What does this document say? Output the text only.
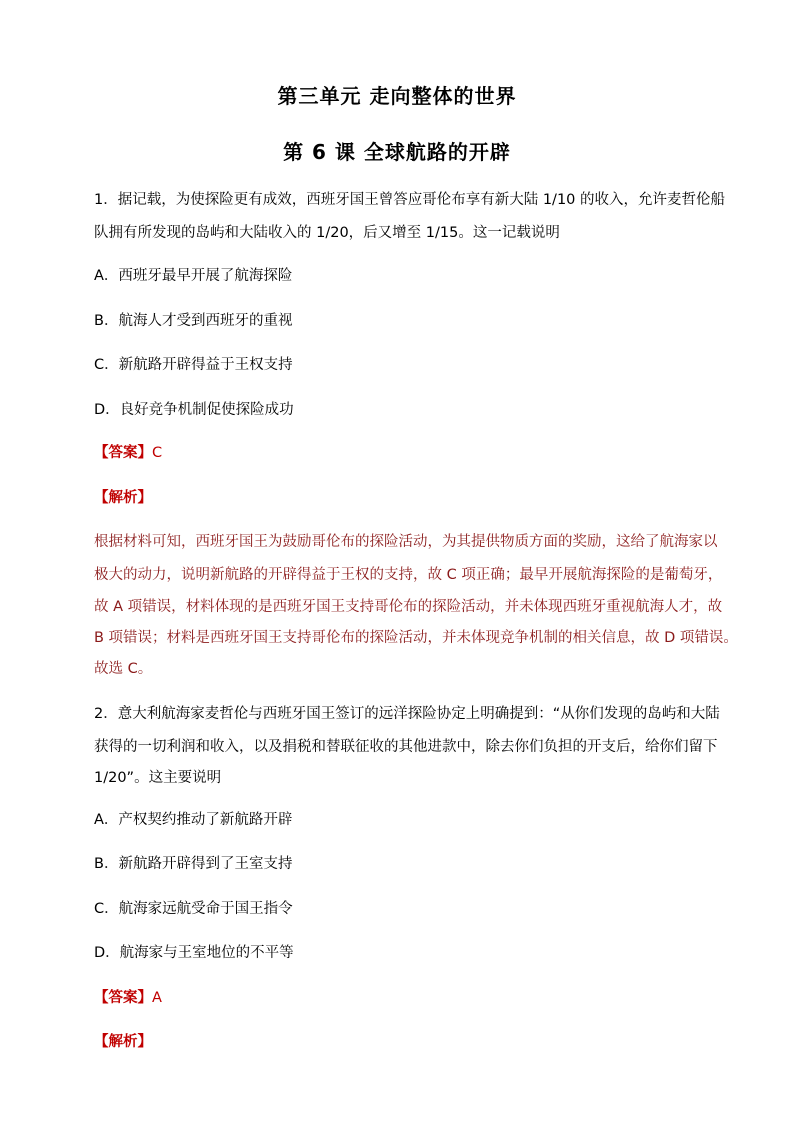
第三单元 走向整体的世界
第 6 课 全球航路的开辟
1．据记载，为使探险更有成效，西班牙国王曾答应哥伦布享有新大陆 1/10 的收入，允许麦哲伦船
队拥有所发现的岛屿和大陆收入的 1/20，后又增至 1/15。这一记载说明
A．西班牙最早开展了航海探险
B．航海人才受到西班牙的重视
C．新航路开辟得益于王权支持
D．良好竞争机制促使探险成功
【答案】C
【解析】
根据材料可知，西班牙国王为鼓励哥伦布的探险活动，为其提供物质方面的奖励，这给了航海家以
极大的动力，说明新航路的开辟得益于王权的支持，故 C 项正确；最早开展航海探险的是葡萄牙，
故 A 项错误，材料体现的是西班牙国王支持哥伦布的探险活动，并未体现西班牙重视航海人才，故
B 项错误；材料是西班牙国王支持哥伦布的探险活动，并未体现竞争机制的相关信息，故 D 项错误。
故选 C。
2．意大利航海家麦哲伦与西班牙国王签订的远洋探险协定上明确提到：“从你们发现的岛屿和大陆
获得的一切利润和收入，以及捐税和替联征收的其他进款中，除去你们负担的开支后，给你们留下
1/20”。这主要说明
A．产权契约推动了新航路开辟
B．新航路开辟得到了王室支持
C．航海家远航受命于国王指令
D．航海家与王室地位的不平等
【答案】A
【解析】
